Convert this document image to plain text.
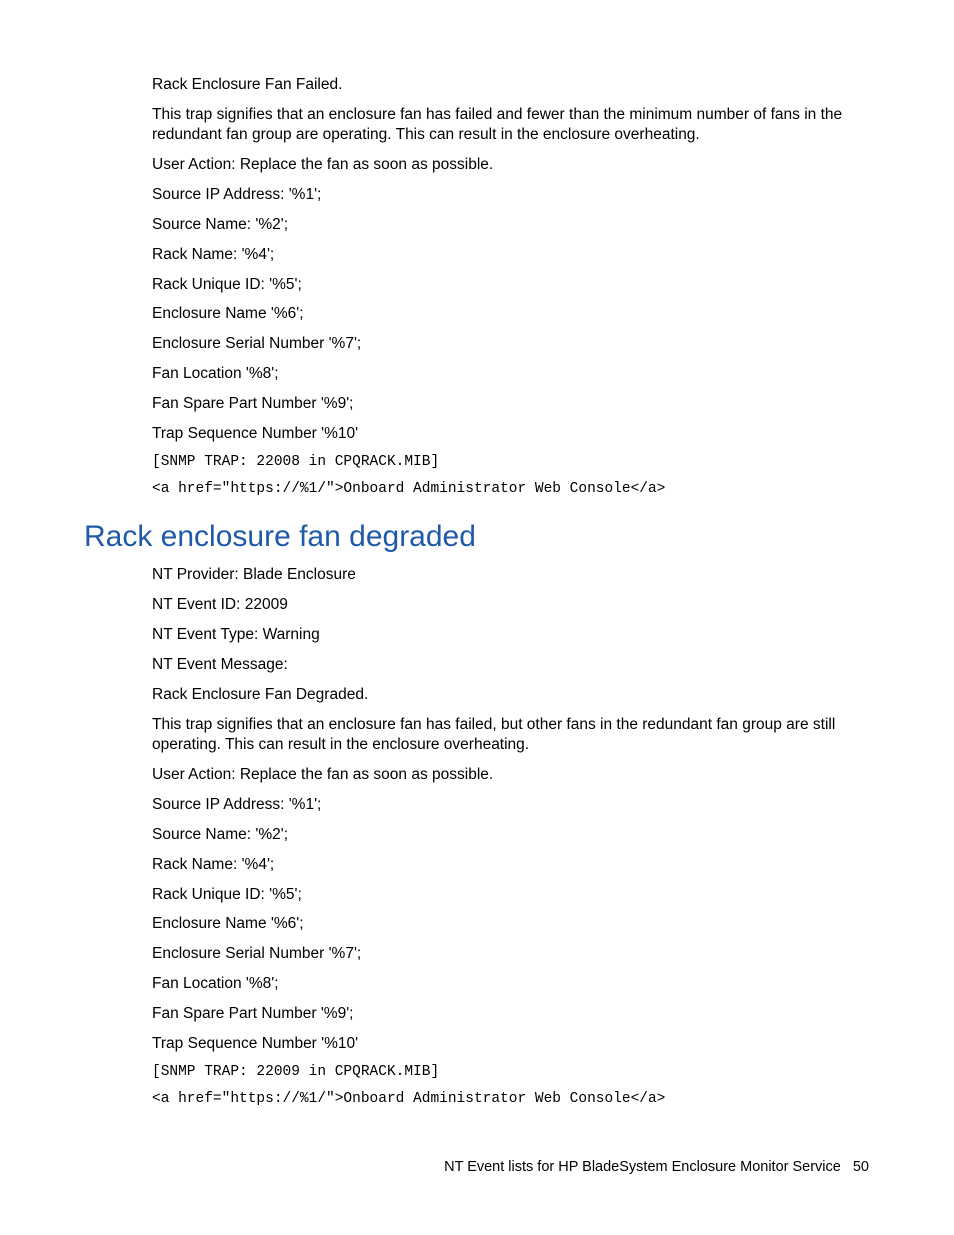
Rack Enclosure Fan Failed.

This trap signifies that an enclosure fan has failed and fewer than the minimum number of fans in the redundant fan group are operating. This can result in the enclosure overheating.

User Action: Replace the fan as soon as possible.

Source IP Address: '%1';

Source Name: '%2';

Rack Name: '%4';

Rack Unique ID: '%5';

Enclosure Name '%6';

Enclosure Serial Number '%7';

Fan Location '%8';

Fan Spare Part Number '%9';

Trap Sequence Number '%10'

[SNMP TRAP: 22008 in CPQRACK.MIB]

<a href="https://%1/">Onboard Administrator Web Console</a>

Rack enclosure fan degraded

NT Provider: Blade Enclosure

NT Event ID: 22009

NT Event Type: Warning

NT Event Message:

Rack Enclosure Fan Degraded.

This trap signifies that an enclosure fan has failed, but other fans in the redundant fan group are still operating. This can result in the enclosure overheating.

User Action: Replace the fan as soon as possible.

Source IP Address: '%1';

Source Name: '%2';

Rack Name: '%4';

Rack Unique ID: '%5';

Enclosure Name '%6';

Enclosure Serial Number '%7';

Fan Location '%8';

Fan Spare Part Number '%9';

Trap Sequence Number '%10'

[SNMP TRAP: 22009 in CPQRACK.MIB]

<a href="https://%1/">Onboard Administrator Web Console</a>

NT Event lists for HP BladeSystem Enclosure Monitor Service 50
